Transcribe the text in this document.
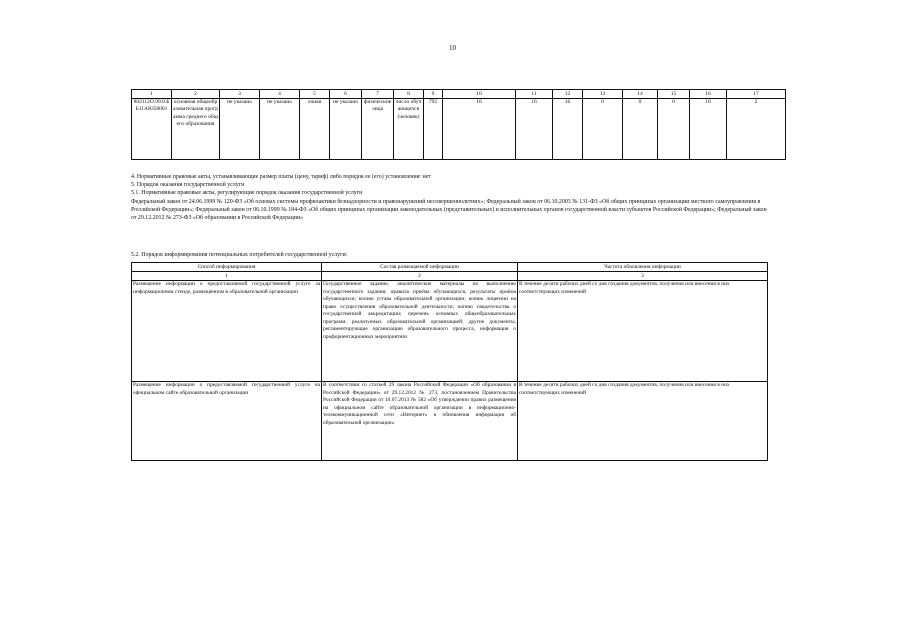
10
1	2	3	4	5	6	7	8	9	10	11	12	13	14	15	16	17
802112О.99.0.ББ11АЮ58001	основная общеобразовательная программа среднего общего образования	не указано	не указано	очная	не указано	физические лица	число обучающихся (человек)	792	16	16	16	0	0	0	10	2

4. Нормативные правовые акты, устанавливающие размер платы (цену, тариф) либо порядок ее (его) установления: нет

5. Порядок оказания государственной услуги

5.1. Нормативные правовые акты, регулирующие порядок оказания государственной услуги

Федеральный закон от 24.06.1999 № 120-ФЗ «Об основах системы профилактики безнадзорности и правонарушений несовершеннолетних»; Федеральный закон от 06.10.2003 № 131-ФЗ «Об общих принципах организации местного самоуправления в Российской Федерации»; Федеральный закон от 06.10.1999 № 184-ФЗ «Об общих принципах организации законодательных (представительных) и исполнительных органов государственной власти субъектов Российской Федерации»; Федеральный закон от 29.12.2012 № 273-ФЗ «Об образовании в Российской Федерации»

5.2. Порядок информирования потенциальных потребителей государственной услуги:
Способ информирования	Состав размещаемой информации	Частота обновления информации
1	2	3
Размещение информации о предоставляемой государственной услуге за информационном стенде, размещенном в образовательной организации	Государственное задание, аналитические материалы по выполнению государственного задания; правила приёма обучающихся, результаты приёма обучающихся; копию устава образовательной организации; копию лицензии на право осуществления образовательной деятельности; копию свидетельства о государственной аккредитации; перечень основных общеобразовательных программ, реализуемых образовательной организацией; другие документы, регламентирующие организацию образовательного процесса, информация о профориентационных мероприятиях	В течение десяти рабочих дней со дня создания документов, получения или внесения в них соответствующих изменений
Размещение информации о предоставляемой государственной услуге на официальном сайте образовательной организации	В соответствии со статьей 29 закона Российской Федерации «Об образовании в Российской Федерации» от 29.12.2012 № 273, постановлением Правительства Российской Федерации от 10.07.2013 № 582 «Об утверждении правил размещения на официальном сайте образовательной организации в информационно-телекоммуникационной сети «Интернет» и обновления информации об образовательной организации»	В течение десяти рабочих дней со дня создания документов, получения или внесения в них соответствующих изменений
